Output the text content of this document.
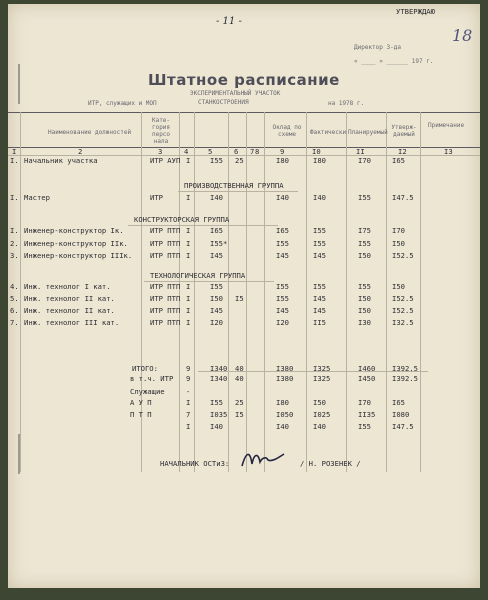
- 11 -
18
УТВЕРЖДАЮ
Директор З-да
« ____ » ______ 197 г.
Штатное расписание
ЭКСПЕРИМЕНТАЛЬНЫЙ УЧАСТОК
ИТР, служащих и МОП	СТАНКОСТРОЕНИЯ	на 1978 г.
Наименование должностей
Кате-гория персо нала
Оклад по схеме	Фактически Планируемый
Утверж-даемый
Примечание
I	2	3	4	5	6 7 8	9	I0	II	I2	I3
I. Начальник участка	ИТР АУП I	I55 25	I80	I80	I70	I65
I. Мастер	ИТР	I	I40	I40	I40	I55	I47.5
I. Инженер-конструктор Iк.	ИТР ПТП I	I65	I65	I55	I75	I70
2. Инженер-конструктор IIк.	ИТР ПТП I	I55*	I55	I55	I55	I50
3. Инженер-конструктор IIIк. ИТР ПТП I	I45	I45	I45	I50	I52.5
4. Инж. технолог I кат.	ИТР ПТП I	I55	I55	I55	I55	I50
5. Инж. технолог II кат.	ИТР ПТП I	I50 I5	I55	I45	I50	I52.5
6. Инж. технолог II кат.	ИТР ПТП I	I45	I45	I45	I50	I52.5
7. Инж. технолог III кат.	ИТР ПТП I	I20	I20	II5	I30	I32.5
ИТОГО:	9	I340 40	I380	I325	I460 I392.5
в т.ч. ИТР 9	I340 40	I380	I325	I450 I392.5
Служащие	-
А У П	I	I55 25	I80	I50	I70	I65
П Т П	7	I035 I5	I050	I025	II35 I080
I	I40	I40	I40	I55	I47.5
ПРОИЗВОДСТВЕННАЯ ГРУППА
КОНСТРУКТОРСКАЯ ГРУППА
ТЕХНОЛОГИЧЕСКАЯ ГРУППА
НАЧАЛЬНИК ОСТиЗ:	/ Н. РОЗЕНЕК /
